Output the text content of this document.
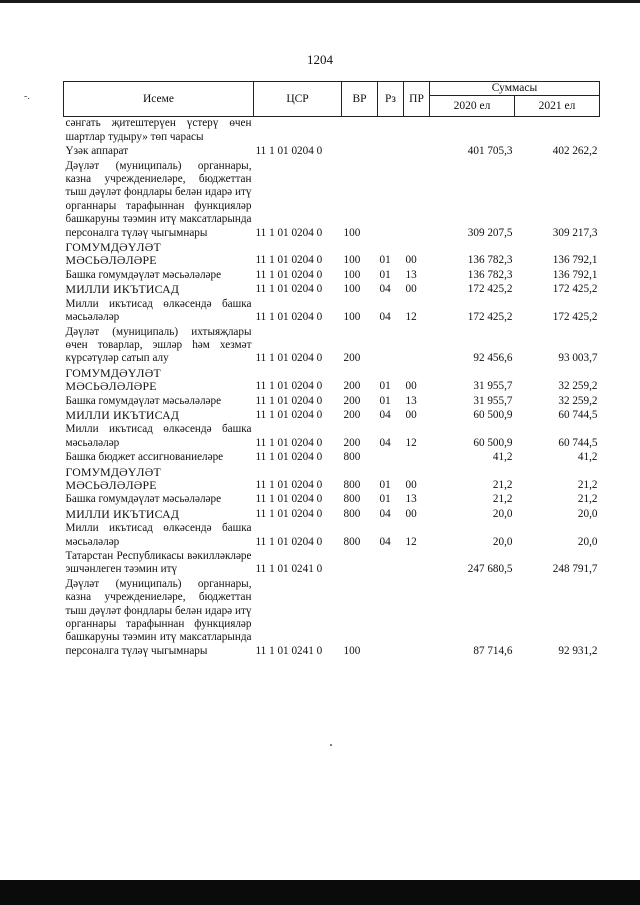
1204
-.	Исеме	ЦСР	ВР	Рз	ПР	Суммасы	
					2020 ел	2021 ел
сәнгать җитештерүен үстерү өчен шартлар тудыру» төп чарасы						
Үзәк аппарат	11 1 01 0204 0				401 705,3	402 262,2
Дәүләт (муниципаль) органнары, казна учреждениеләре, бюджеттан тыш дәүләт фондлары белән идарә итү органнары тарафыннан функцияләр башкаруны тәэмин итү максатларында персоналга түләү чыгымнары	11 1 01 0204 0	100			309 207,5	309 217,3
ГОМУМДӘҮЛӘТ МӘСЬӘЛӘЛӘРЕ	11 1 01 0204 0	100	01	00	136 782,3	136 792,1
Башка гомумдәүләт мәсьәләләре	11 1 01 0204 0	100	01	13	136 782,3	136 792,1
МИЛЛИ ИКЪТИСАД	11 1 01 0204 0	100	04	00	172 425,2	172 425,2
Милли икътисад өлкәсендә башка мәсьәләләр	11 1 01 0204 0	100	04	12	172 425,2	172 425,2
Дәүләт (муниципаль) ихтыяҗлары өчен товарлар, эшләр һәм хезмәт күрсәтүләр сатып алу	11 1 01 0204 0	200			92 456,6	93 003,7
ГОМУМДӘҮЛӘТ МӘСЬӘЛӘЛӘРЕ	11 1 01 0204 0	200	01	00	31 955,7	32 259,2
Башка гомумдәүләт мәсьәләләре	11 1 01 0204 0	200	01	13	31 955,7	32 259,2
МИЛЛИ ИКЪТИСАД	11 1 01 0204 0	200	04	00	60 500,9	60 744,5
Милли икътисад өлкәсендә башка мәсьәләләр	11 1 01 0204 0	200	04	12	60 500,9	60 744,5
Башка бюджет ассигнованиеләре	11 1 01 0204 0	800			41,2	41,2
ГОМУМДӘҮЛӘТ МӘСЬӘЛӘЛӘРЕ	11 1 01 0204 0	800	01	00	21,2	21,2
Башка гомумдәүләт мәсьәләләре	11 1 01 0204 0	800	01	13	21,2	21,2
МИЛЛИ ИКЪТИСАД	11 1 01 0204 0	800	04	00	20,0	20,0
Милли икътисад өлкәсендә башка мәсьәләләр	11 1 01 0204 0	800	04	12	20,0	20,0
Татарстан Республикасы вәкилләкләре эшчәнлеген тәэмин итү	11 1 01 0241 0				247 680,5	248 791,7
Дәүләт (муниципаль) органнары, казна учреждениеләре, бюджеттан тыш дәүләт фондлары белән идарә итү органнары тарафыннан функцияләр башкаруны тәэмин итү максатларында персоналга түләү чыгымнары	11 1 01 0241 0	100			87 714,6	92 931,2
